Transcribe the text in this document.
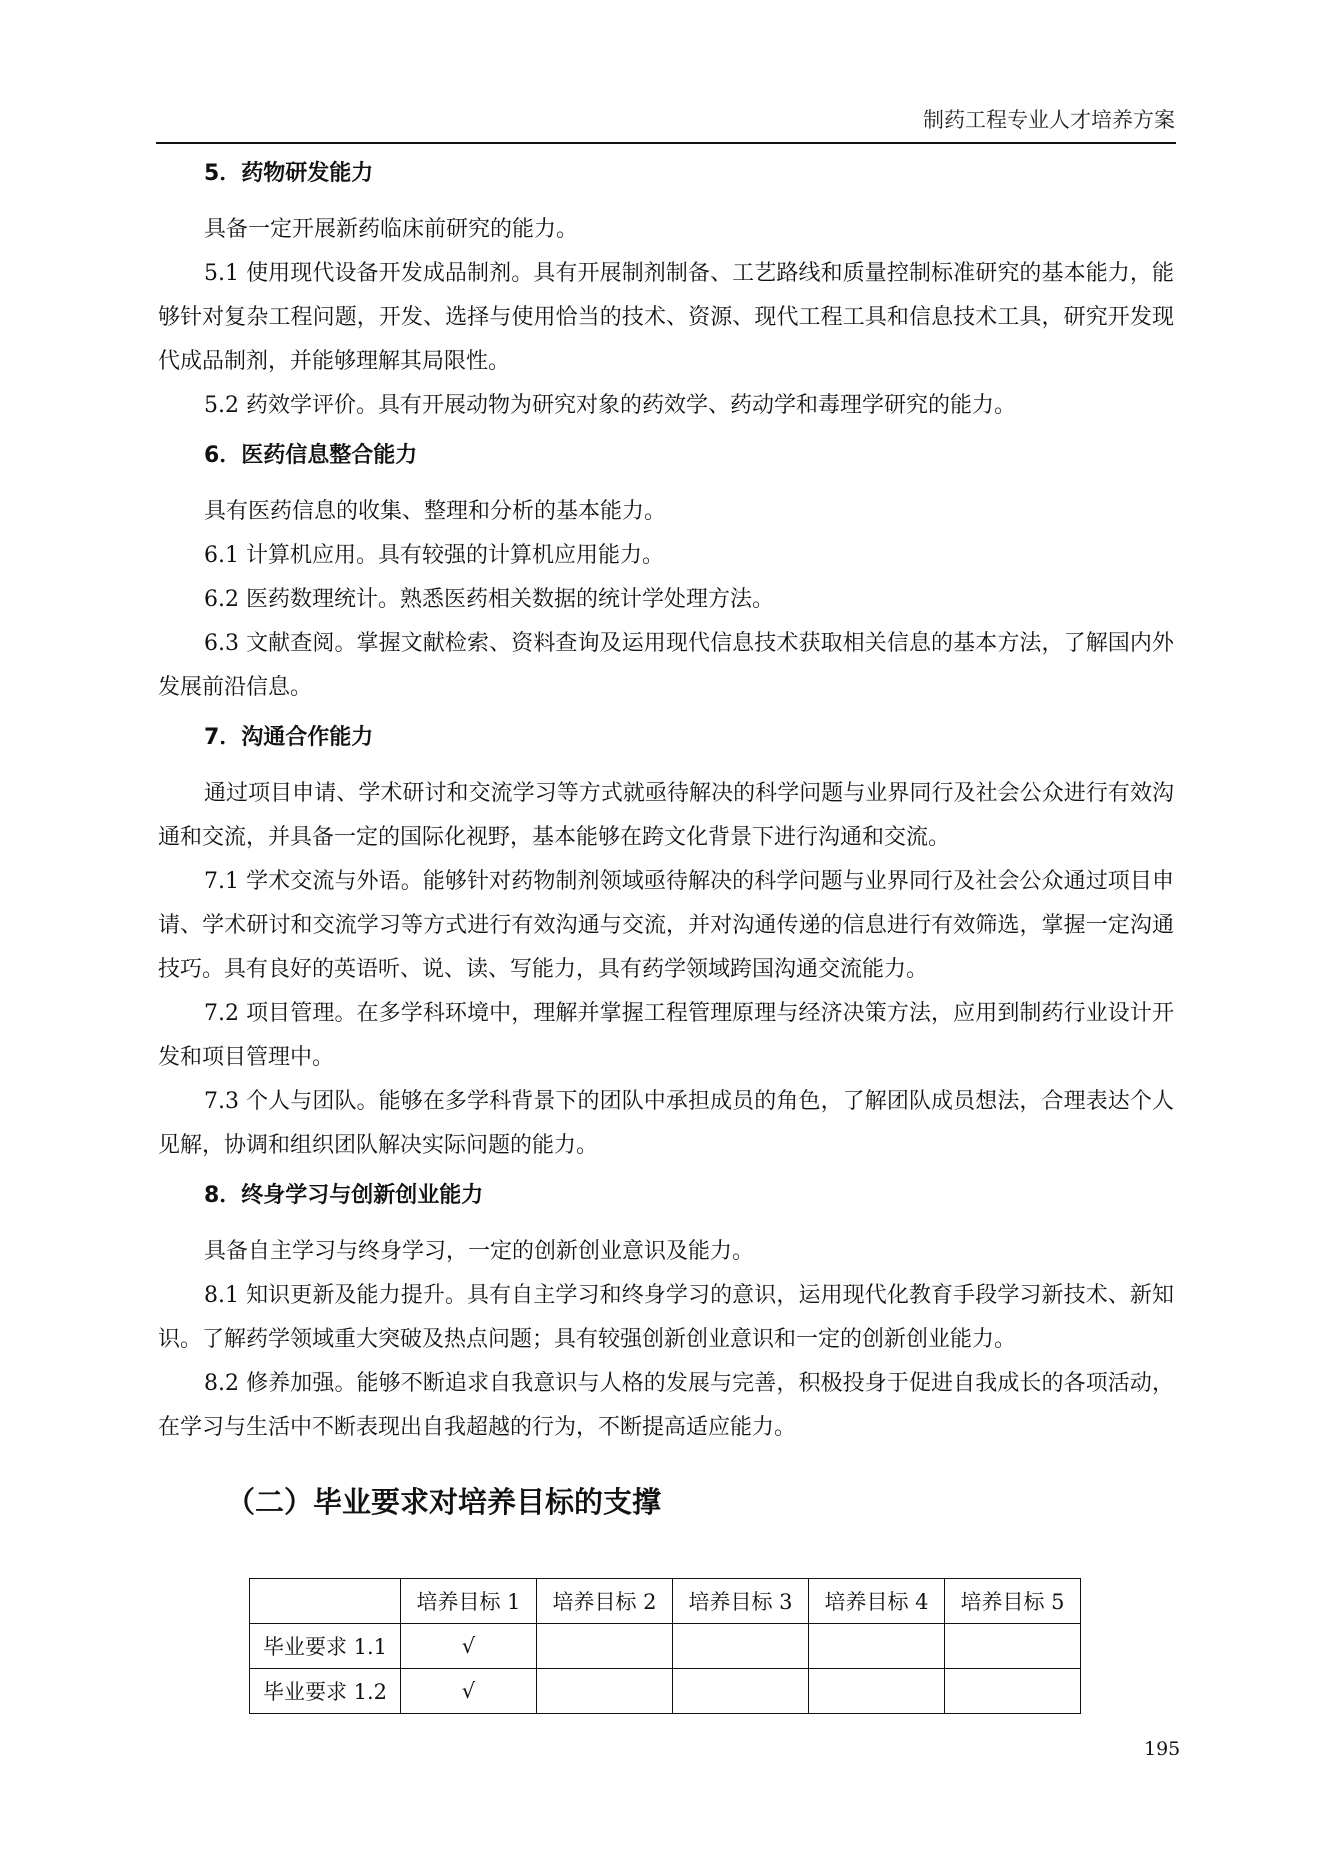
制药工程专业人才培养方案
5．药物研发能力

具备一定开展新药临床前研究的能力。

5.1 使用现代设备开发成品制剂。具有开展制剂制备、工艺路线和质量控制标准研究的基本能力，能够针对复杂工程问题，开发、选择与使用恰当的技术、资源、现代工程工具和信息技术工具，研究开发现代成品制剂，并能够理解其局限性。

5.2 药效学评价。具有开展动物为研究对象的药效学、药动学和毒理学研究的能力。

6．医药信息整合能力

具有医药信息的收集、整理和分析的基本能力。

6.1 计算机应用。具有较强的计算机应用能力。

6.2 医药数理统计。熟悉医药相关数据的统计学处理方法。

6.3 文献查阅。掌握文献检索、资料查询及运用现代信息技术获取相关信息的基本方法，了解国内外发展前沿信息。

7．沟通合作能力

通过项目申请、学术研讨和交流学习等方式就亟待解决的科学问题与业界同行及社会公众进行有效沟通和交流，并具备一定的国际化视野，基本能够在跨文化背景下进行沟通和交流。

7.1 学术交流与外语。能够针对药物制剂领域亟待解决的科学问题与业界同行及社会公众通过项目申请、学术研讨和交流学习等方式进行有效沟通与交流，并对沟通传递的信息进行有效筛选，掌握一定沟通技巧。具有良好的英语听、说、读、写能力，具有药学领域跨国沟通交流能力。

7.2 项目管理。在多学科环境中，理解并掌握工程管理原理与经济决策方法，应用到制药行业设计开发和项目管理中。

7.3 个人与团队。能够在多学科背景下的团队中承担成员的角色，了解团队成员想法，合理表达个人见解，协调和组织团队解决实际问题的能力。

8．终身学习与创新创业能力

具备自主学习与终身学习，一定的创新创业意识及能力。

8.1 知识更新及能力提升。具有自主学习和终身学习的意识，运用现代化教育手段学习新技术、新知识。了解药学领域重大突破及热点问题；具有较强创新创业意识和一定的创新创业能力。

8.2 修养加强。能够不断追求自我意识与人格的发展与完善，积极投身于促进自我成长的各项活动，在学习与生活中不断表现出自我超越的行为，不断提高适应能力。

（二）毕业要求对培养目标的支撑
	培养目标 1	培养目标 2	培养目标 3	培养目标 4	培养目标 5
毕业要求 1.1	√				
毕业要求 1.2	√				
195
